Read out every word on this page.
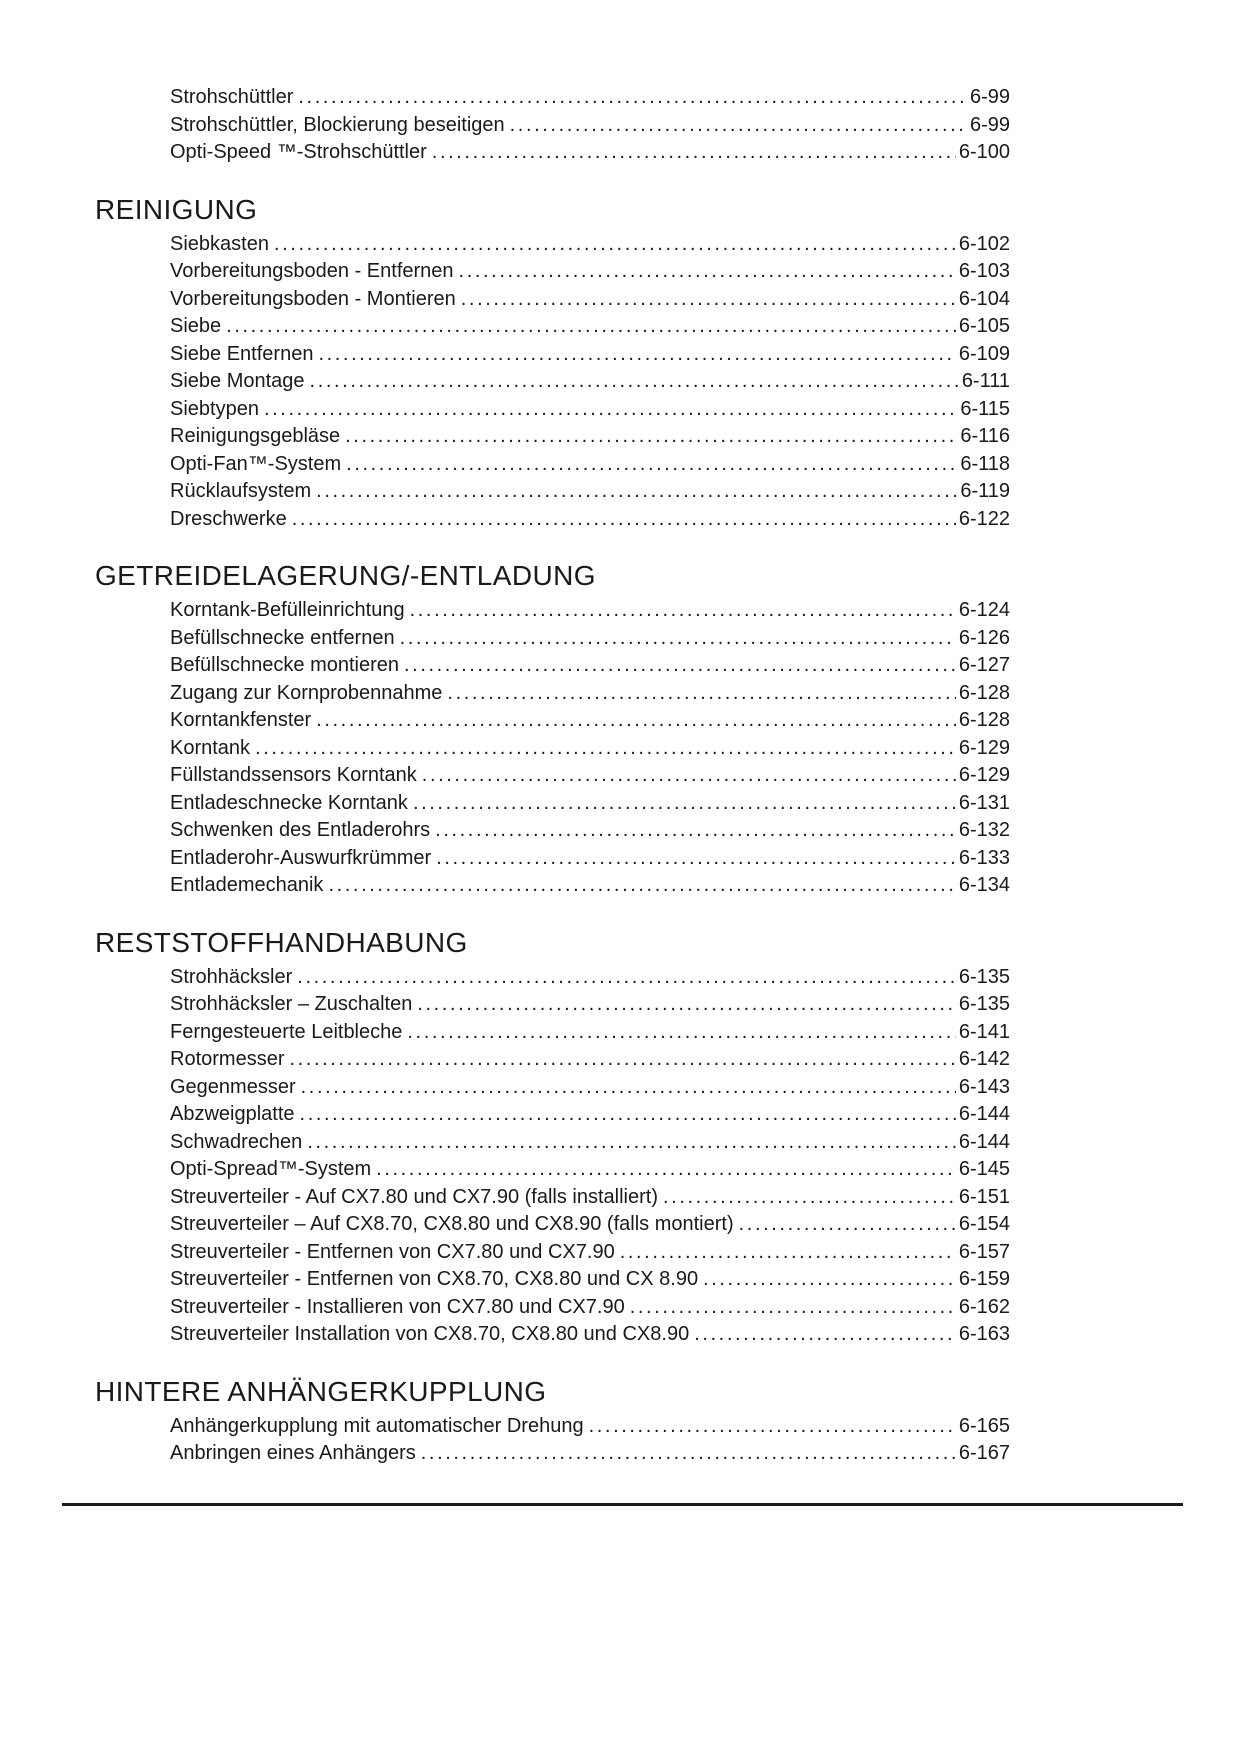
Strohschüttler .....	6-99
Strohschüttler, Blockierung beseitigen .....	6-99
Opti-Speed ™-Strohschüttler .....	6-100
REINIGUNG
Siebkasten .....	6-102
Vorbereitungsboden - Entfernen .....	6-103
Vorbereitungsboden - Montieren .....	6-104
Siebe .....	6-105
Siebe Entfernen .....	6-109
Siebe Montage .....	6-111
Siebtypen .....	6-115
Reinigungsgebläse .....	6-116
Opti-Fan™-System .....	6-118
Rücklaufsystem .....	6-119
Dreschwerke .....	6-122
GETREIDELAGERUNG/-ENTLADUNG
Korntank-Befülleinrichtung .....	6-124
Befüllschnecke entfernen .....	6-126
Befüllschnecke montieren .....	6-127
Zugang zur Kornprobennahme .....	6-128
Korntankfenster .....	6-128
Korntank .....	6-129
Füllstandssensors Korntank .....	6-129
Entladeschnecke Korntank .....	6-131
Schwenken des Entladerohrs .....	6-132
Entladerohr-Auswurfkrümmer .....	6-133
Entlademechanik .....	6-134
RESTSTOFFHANDHABUNG
Strohhäcksler .....	6-135
Strohhäcksler – Zuschalten .....	6-135
Ferngesteuerte Leitbleche .....	6-141
Rotormesser .....	6-142
Gegenmesser .....	6-143
Abzweigplatte .....	6-144
Schwadrechen .....	6-144
Opti-Spread™-System .....	6-145
Streuverteiler - Auf CX7.80 und CX7.90 (falls installiert) .....	6-151
Streuverteiler – Auf CX8.70, CX8.80 und CX8.90 (falls montiert) .....	6-154
Streuverteiler - Entfernen von CX7.80 und CX7.90 .....	6-157
Streuverteiler - Entfernen von CX8.70, CX8.80 und CX 8.90 .....	6-159
Streuverteiler - Installieren von CX7.80 und CX7.90 .....	6-162
Streuverteiler Installation von CX8.70, CX8.80 und CX8.90 .....	6-163
HINTERE ANHÄNGERKUPPLUNG
Anhängerkupplung mit automatischer Drehung .....	6-165
Anbringen eines Anhängers .....	6-167
